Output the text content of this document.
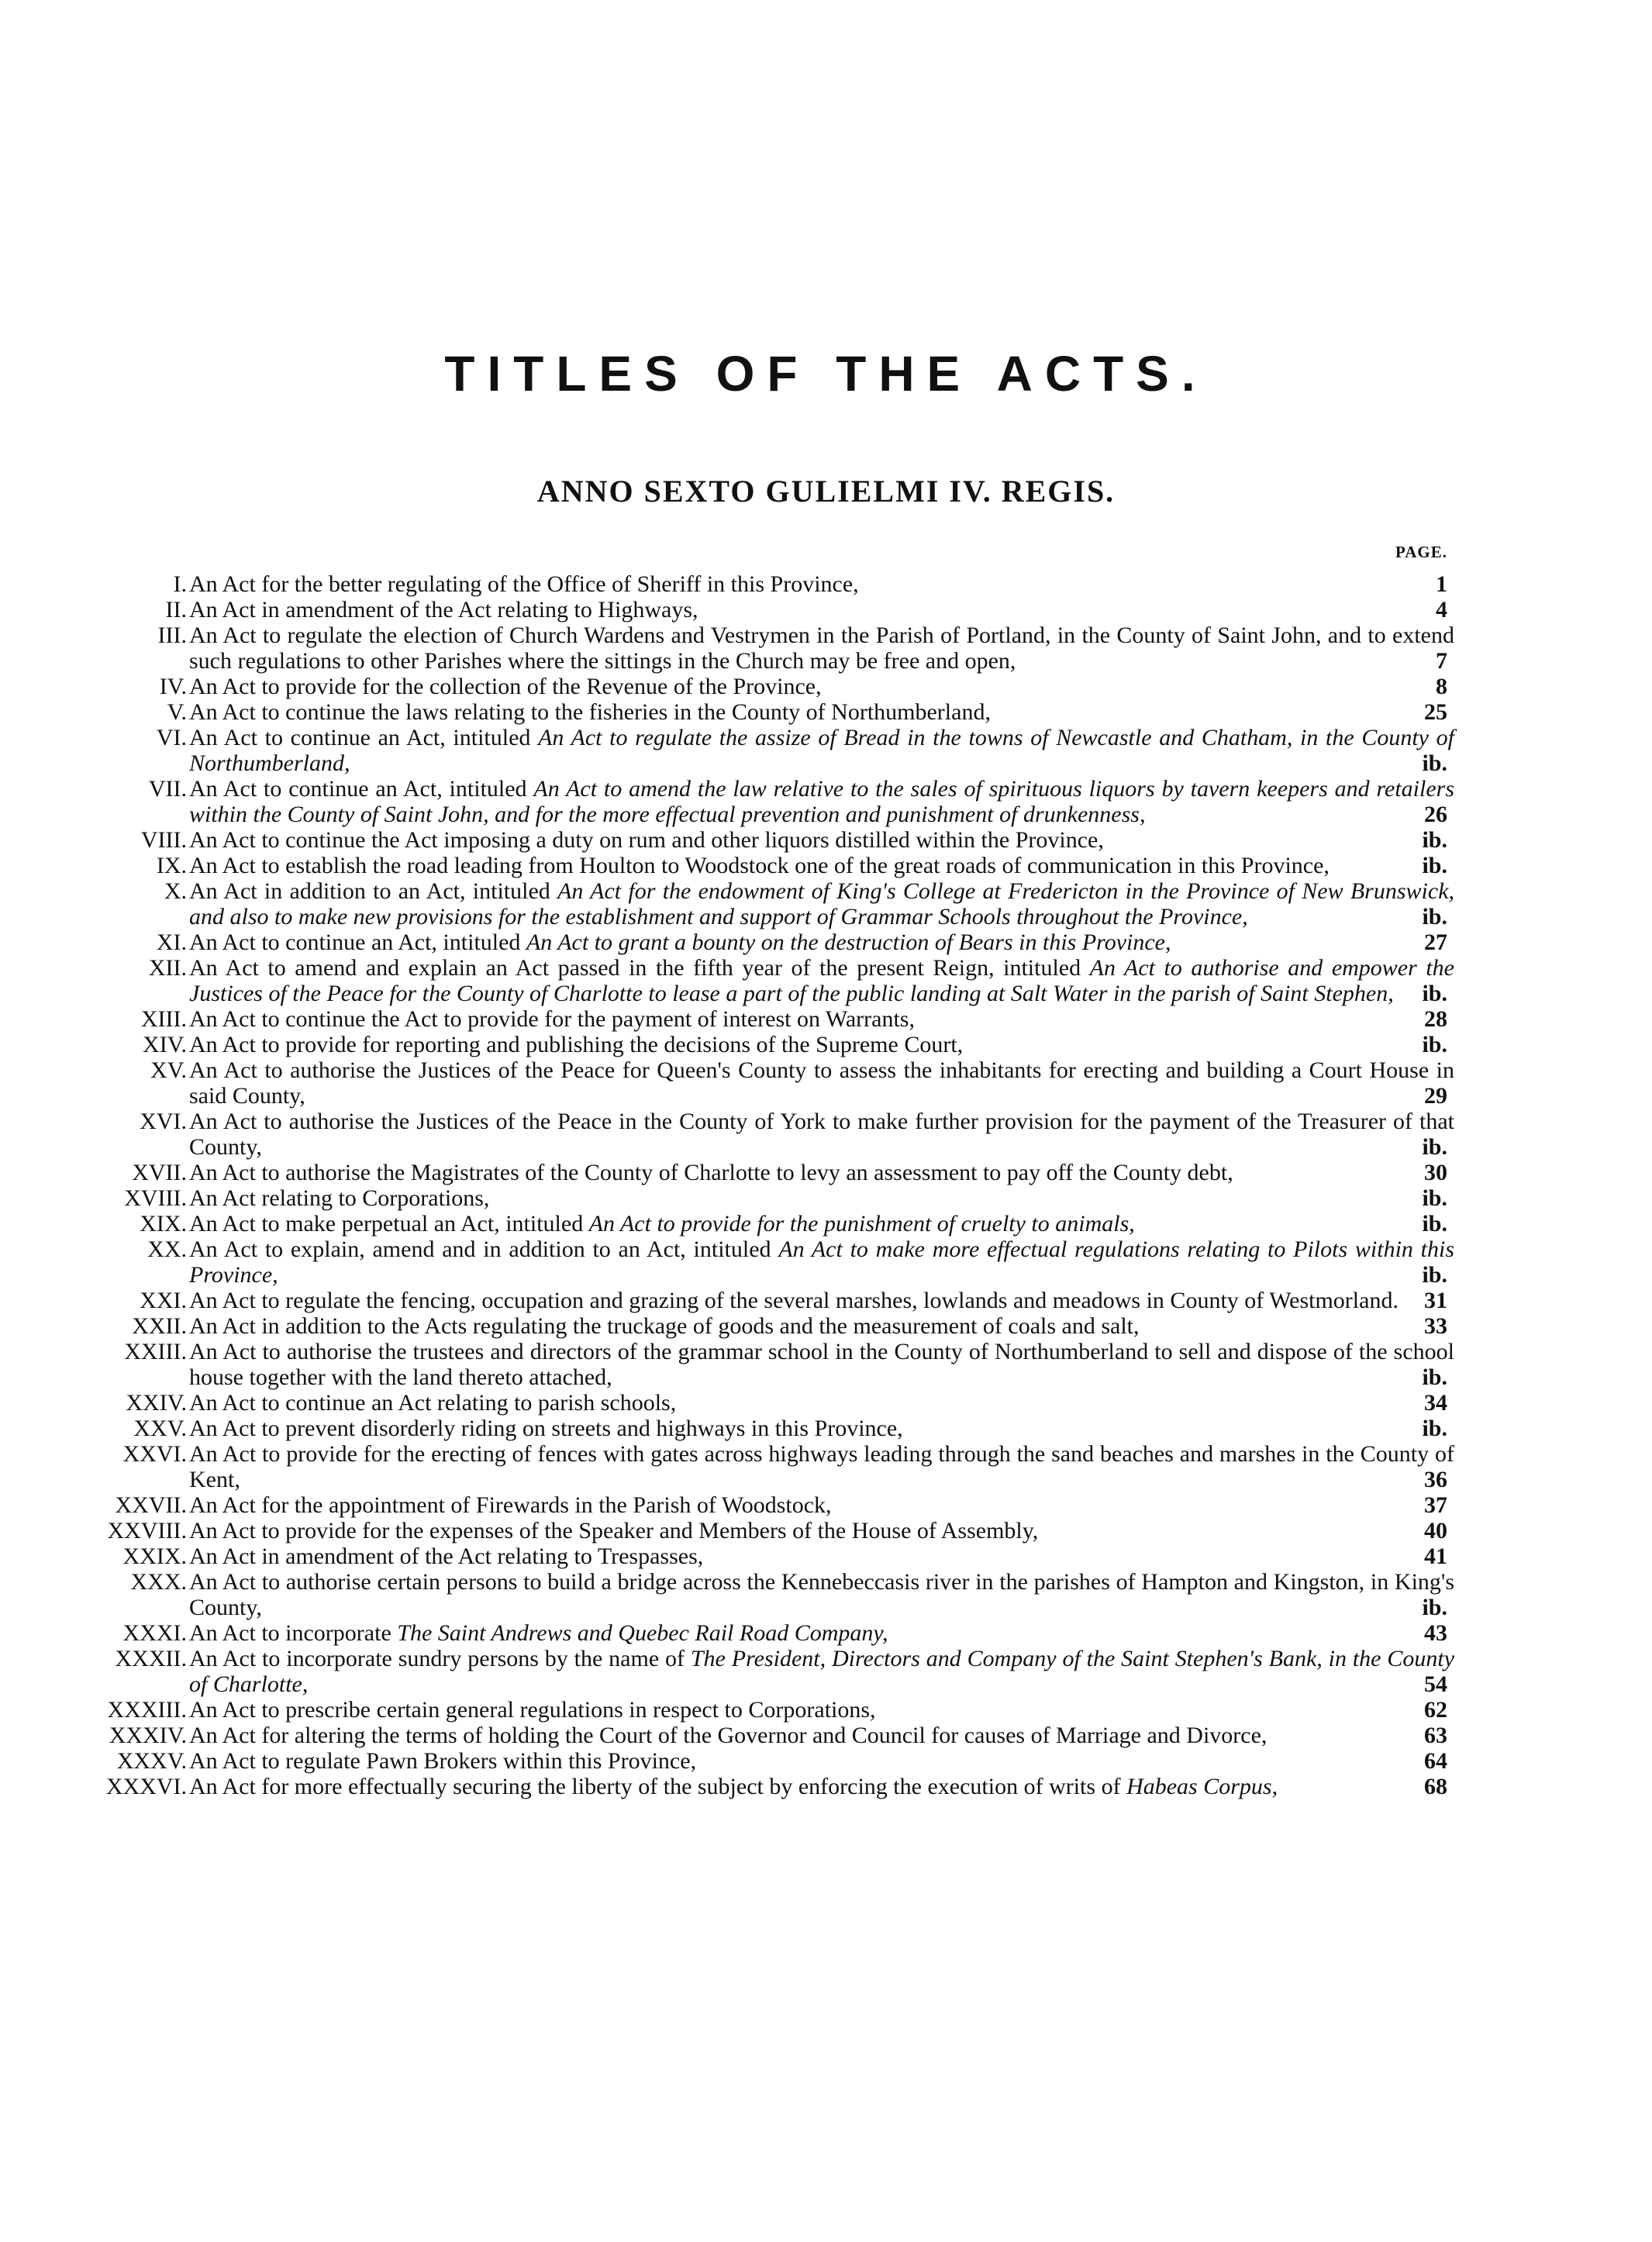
TITLES OF THE ACTS.
ANNO SEXTO GULIELMI IV. REGIS.
PAGE.
I. An Act for the better regulating of the Office of Sheriff in this Province,	1
II. An Act in amendment of the Act relating to Highways,	4
III. An Act to regulate the election of Church Wardens and Vestrymen in the Parish of Portland, in the County of Saint John, and to extend such regulations to other Parishes where the sittings in the Church may be free and open,	7
IV. An Act to provide for the collection of the Revenue of the Province,	8
V. An Act to continue the laws relating to the fisheries in the County of Northumberland,	25
VI. An Act to continue an Act, intituled An Act to regulate the assize of Bread in the towns of Newcastle and Chatham, in the County of Northumberland,	ib.
VII. An Act to continue an Act, intituled An Act to amend the law relative to the sales of spirituous liquors by tavern keepers and retailers within the County of Saint John, and for the more effectual prevention and punishment of drunkenness,	26
VIII. An Act to continue the Act imposing a duty on rum and other liquors distilled within the Province,	ib.
IX. An Act to establish the road leading from Houlton to Woodstock one of the great roads of communication in this Province,	ib.
X. An Act in addition to an Act, intituled An Act for the endowment of King's College at Fredericton in the Province of New Brunswick, and also to make new provisions for the establishment and support of Grammar Schools throughout the Province,	ib.
XI. An Act to continue an Act, intituled An Act to grant a bounty on the destruction of Bears in this Province,	27
XII. An Act to amend and explain an Act passed in the fifth year of the present Reign, intituled An Act to authorise and empower the Justices of the Peace for the County of Charlotte to lease a part of the public landing at Salt Water in the parish of Saint Stephen,	ib.
XIII. An Act to continue the Act to provide for the payment of interest on Warrants,	28
XIV. An Act to provide for reporting and publishing the decisions of the Supreme Court,	ib.
XV. An Act to authorise the Justices of the Peace for Queen's County to assess the inhabitants for erecting and building a Court House in said County,	29
XVI. An Act to authorise the Justices of the Peace in the County of York to make further provision for the payment of the Treasurer of that County,	ib.
XVII. An Act to authorise the Magistrates of the County of Charlotte to levy an assessment to pay off the County debt,	30
XVIII. An Act relating to Corporations,	ib.
XIX. An Act to make perpetual an Act, intituled An Act to provide for the punishment of cruelty to animals,	ib.
XX. An Act to explain, amend and in addition to an Act, intituled An Act to make more effectual regulations relating to Pilots within this Province,	ib.
XXI. An Act to regulate the fencing, occupation and grazing of the several marshes, lowlands and meadows in County of Westmorland.	31
XXII. An Act in addition to the Acts regulating the truckage of goods and the measurement of coals and salt,	33
XXIII. An Act to authorise the trustees and directors of the grammar school in the County of Northumberland to sell and dispose of the school house together with the land thereto attached,	ib.
XXIV. An Act to continue an Act relating to parish schools,	34
XXV. An Act to prevent disorderly riding on streets and highways in this Province,	ib.
XXVI. An Act to provide for the erecting of fences with gates across highways leading through the sand beaches and marshes in the County of Kent,	36
XXVII. An Act for the appointment of Firewards in the Parish of Woodstock,	37
XXVIII. An Act to provide for the expenses of the Speaker and Members of the House of Assembly,	40
XXIX. An Act in amendment of the Act relating to Trespasses,	41
XXX. An Act to authorise certain persons to build a bridge across the Kennebeccasis river in the parishes of Hampton and Kingston, in King's County,	ib.
XXXI. An Act to incorporate The Saint Andrews and Quebec Rail Road Company,	43
XXXII. An Act to incorporate sundry persons by the name of The President, Directors and Company of the Saint Stephen's Bank, in the County of Charlotte,	54
XXXIII. An Act to prescribe certain general regulations in respect to Corporations,	62
XXXIV. An Act for altering the terms of holding the Court of the Governor and Council for causes of Marriage and Divorce,	63
XXXV. An Act to regulate Pawn Brokers within this Province,	64
XXXVI. An Act for more effectually securing the liberty of the subject by enforcing the execution of writs of Habeas Corpus,	68
